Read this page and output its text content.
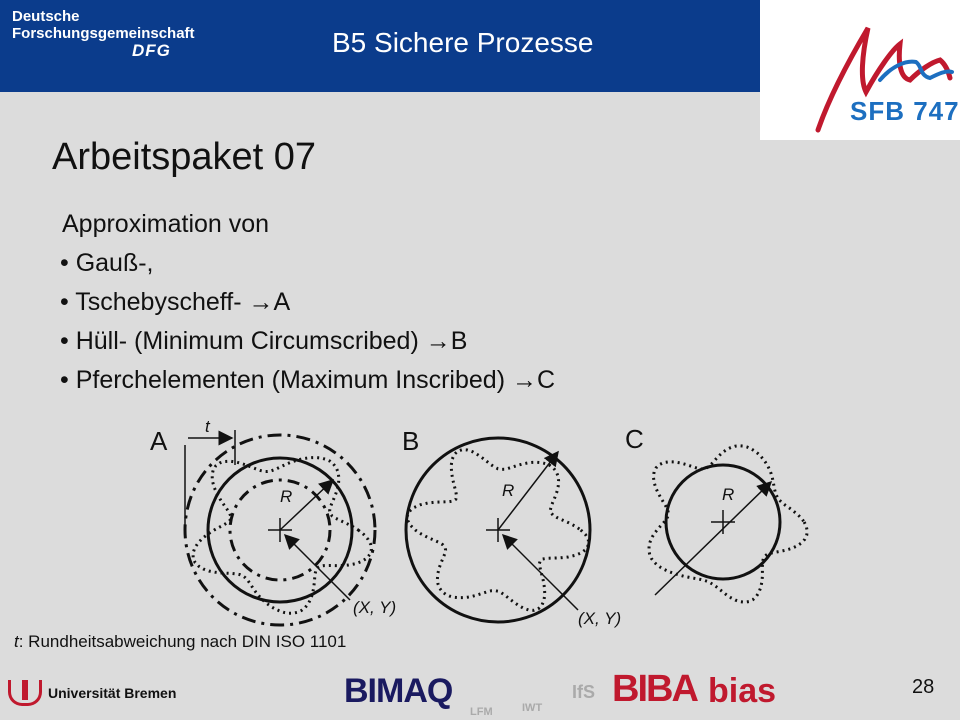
Deutsche
Forschungsgemeinschaft
DFG	B5 Sichere Prozesse
SFB 747
Arbeitspaket 07
Approximation von
• Gauß-,
• Tschebyscheff- →A
• Hüll- (Minimum Circumscribed) →B
• Pferchelementen (Maximum Inscribed) →C
A t
R
(X, Y)
B
R
(X, Y)
C
R
t: Rundheitsabweichung nach DIN ISO 1101
Universität Bremen	BIMAQ
LFM	IWT
IfS BIBA bias	28
